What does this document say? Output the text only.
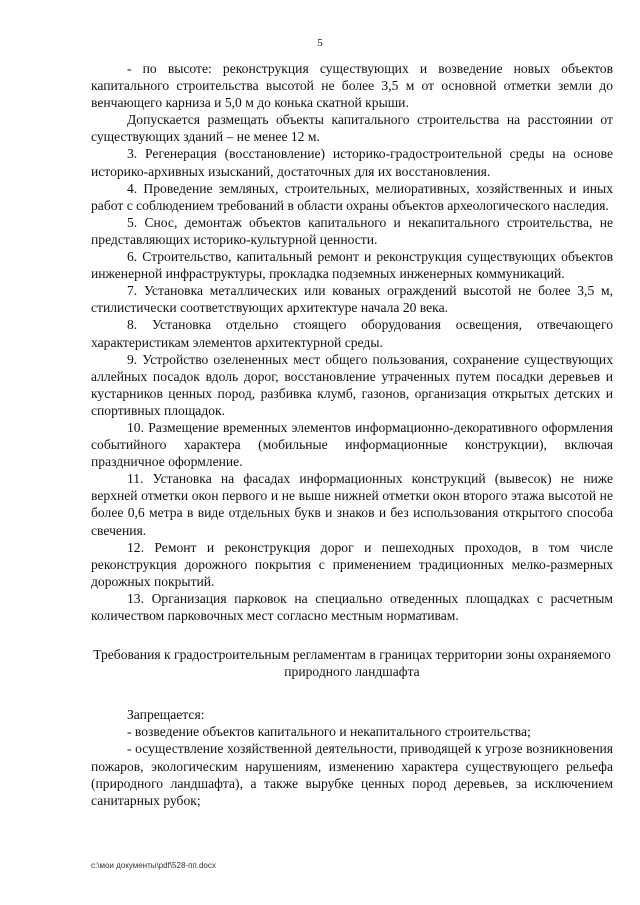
5

- по высоте: реконструкция существующих и возведение новых объектов капитального строительства высотой не более 3,5 м от основной отметки земли до венчающего карниза и 5,0 м до конька скатной крыши.

Допускается размещать объекты капитального строительства на расстоянии от существующих зданий – не менее 12 м.

3. Регенерация (восстановление) историко-градостроительной среды на основе историко-архивных изысканий, достаточных для их восстановления.

4. Проведение земляных, строительных, мелиоративных, хозяйственных и иных работ с соблюдением требований в области охраны объектов археологического наследия.

5. Снос, демонтаж объектов капитального и некапитального строительства, не представляющих историко-культурной ценности.

6. Строительство, капитальный ремонт и реконструкция существующих объектов инженерной инфраструктуры, прокладка подземных инженерных коммуникаций.

7. Установка металлических или кованых ограждений высотой не более 3,5 м, стилистически соответствующих архитектуре начала 20 века.

8. Установка отдельно стоящего оборудования освещения, отвечающего характеристикам элементов архитектурной среды.

9. Устройство озелененных мест общего пользования, сохранение существующих аллейных посадок вдоль дорог, восстановление утраченных путем посадки деревьев и кустарников ценных пород, разбивка клумб, газонов, организация открытых детских и спортивных площадок.

10. Размещение временных элементов информационно-декоративного оформления событийного характера (мобильные информационные конструкции), включая праздничное оформление.

11. Установка на фасадах информационных конструкций (вывесок) не ниже верхней отметки окон первого и не выше нижней отметки окон второго этажа высотой не более 0,6 метра в виде отдельных букв и знаков и без использования открытого способа свечения.

12. Ремонт и реконструкция дорог и пешеходных проходов, в том числе реконструкция дорожного покрытия с применением традиционных мелко-размерных дорожных покрытий.

13. Организация парковок на специально отведенных площадках с расчетным количеством парковочных мест согласно местным нормативам.

Требования к градостроительным регламентам в границах территории зоны охраняемого природного ландшафта

Запрещается:

- возведение объектов капитального и некапитального строительства;

- осуществление хозяйственной деятельности, приводящей к угрозе возникновения пожаров, экологическим нарушениям, изменению характера существующего рельефа (природного ландшафта), а также вырубке ценных пород деревьев, за исключением санитарных рубок;

c:\мои документы\pdf\528-пп.docx
